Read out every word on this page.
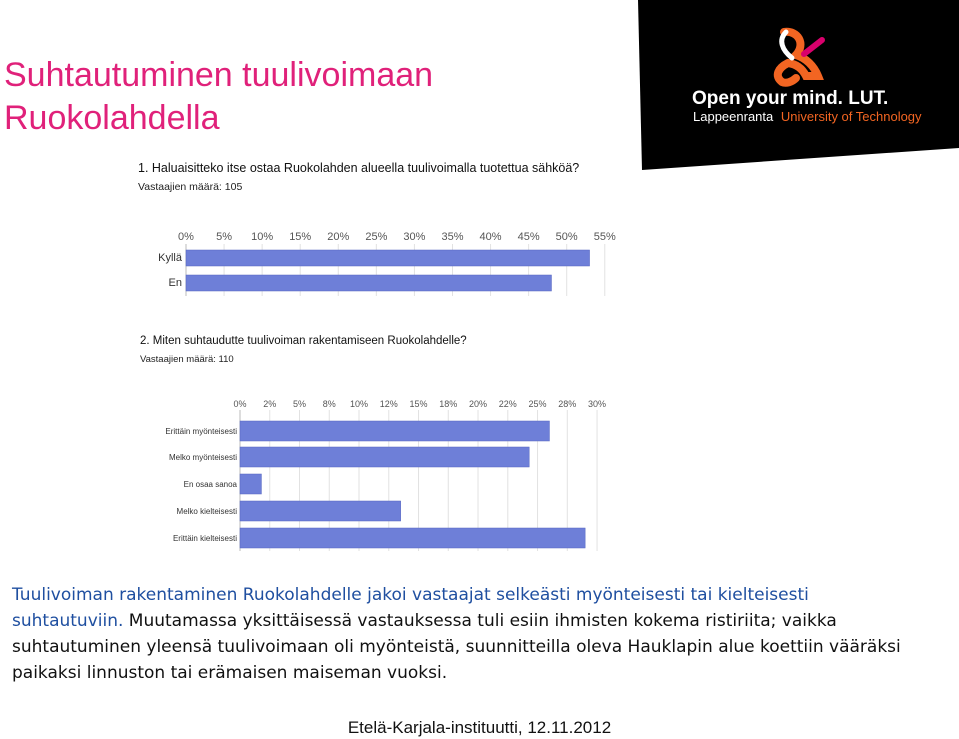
Suhtautuminen tuulivoimaan
Ruokolahdella
Open your mind. LUT.
Lappeenranta University of Technology
1. Haluaisitteko itse ostaa Ruokolahden alueella tuulivoimalla tuotettua sähköä?
Vastaajien määrä: 105
0% 5% 10% 15% 20% 25% 30% 35% 40% 45% 50% 55%
Kyllä
En
2. Miten suhtaudutte tuulivoiman rakentamiseen Ruokolahdelle?
Vastaajien määrä: 110
0% 2% 5% 8% 10% 12% 15% 18% 20% 22% 25% 28% 30%
Erittäin myönteisesti
Melko myönteisesti
En osaa sanoa
Melko kielteisesti
Erittäin kielteisesti
Tuulivoiman rakentaminen Ruokolahdelle jakoi vastaajat selkeästi myönteisesti tai kielteisesti suhtautuviin. Muutamassa yksittäisessä vastauksessa tuli esiin ihmisten kokema ristiriita; vaikka suhtautuminen yleensä tuulivoimaan oli myönteistä, suunnitteilla oleva Hauklapin alue koettiin vääräksi paikaksi linnuston tai erämaisen maiseman vuoksi.
Etelä-Karjala-instituutti, 12.11.2012
